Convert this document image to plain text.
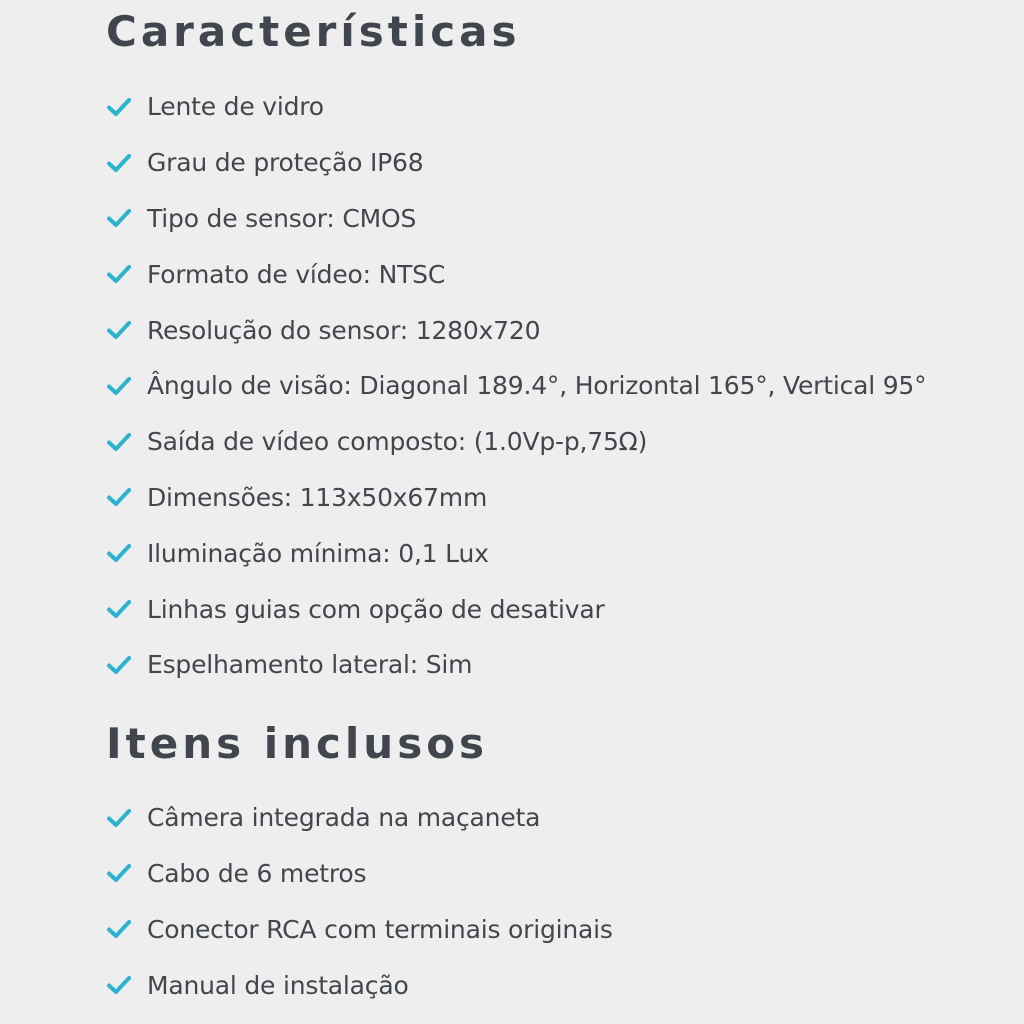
Características
Lente de vidro
Grau de proteção IP68
Tipo de sensor: CMOS
Formato de vídeo: NTSC
Resolução do sensor: 1280x720
Ângulo de visão: Diagonal 189.4°, Horizontal 165°, Vertical 95°
Saída de vídeo composto: (1.0Vp-p,75Ω)
Dimensões: 113x50x67mm
Iluminação mínima: 0,1 Lux
Linhas guias com opção de desativar
Espelhamento lateral: Sim
Itens inclusos
Câmera integrada na maçaneta
Cabo de 6 metros
Conector RCA com terminais originais
Manual de instalação
